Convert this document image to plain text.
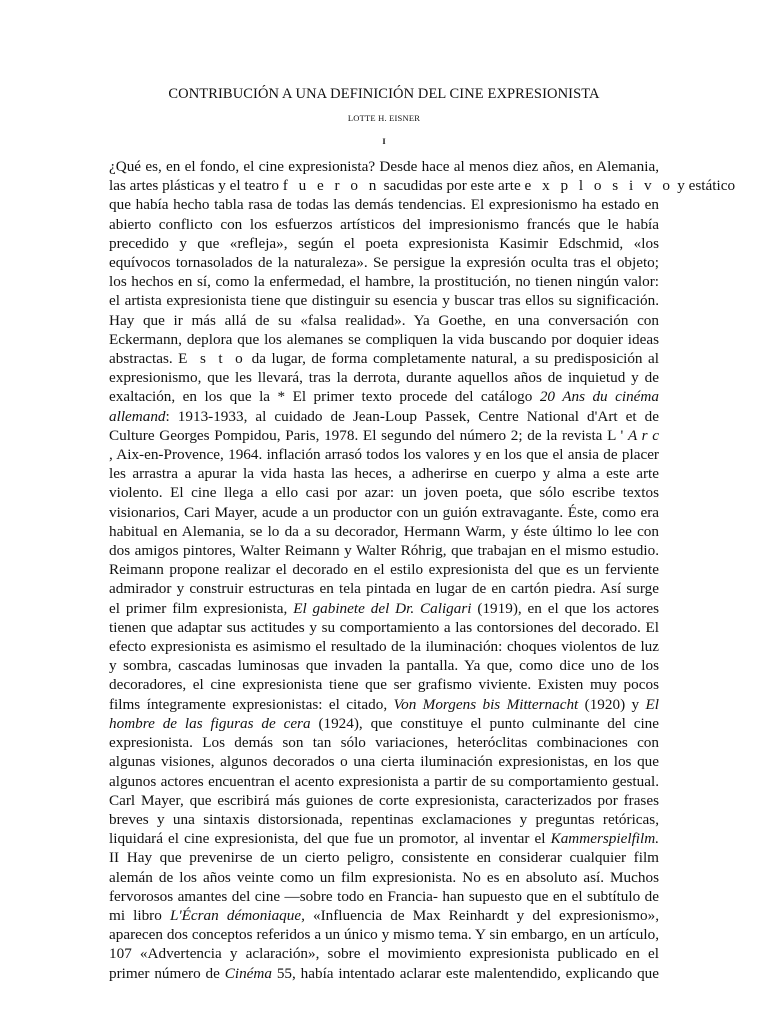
CONTRIBUCIÓN A UNA DEFINICIÓN DEL CINE EXPRESIONISTA

LOTTE H. EISNER

I

¿Qué es, en el fondo, el cine expresionista? Desde hace al menos diez años, en Alemania,
las artes plásticas y el teatro f u e r o n sacudidas por este arte e x p l o s i v o y estático
que había hecho tabla rasa de todas las demás tendencias. El expresionismo ha estado en
abierto conflicto con los esfuerzos artísticos del impresionismo francés que le había
precedido y que «refleja», según el poeta expresionista Kasimir Edschmid, «los
equívocos tornasolados de la naturaleza». Se persigue la expresión oculta tras el objeto;
los hechos en sí, como la enfermedad, el hambre, la prostitución, no tienen ningún valor:
el artista expresionista tiene que distinguir su esencia y buscar tras ellos su significación.
Hay que ir más allá de su «falsa realidad». Ya Goethe, en una conversación con
Eckermann, deplora que los alemanes se compliquen la vida buscando por doquier ideas
abstractas. E s t o da lugar, de forma completamente natural, a su predisposición al
expresionismo, que les llevará, tras la derrota, durante aquellos años de inquietud y de
exaltación, en los que la * El primer texto procede del catálogo 20 Ans du cinéma
allemand: 1913-1933, al cuidado de Jean-Loup Passek, Centre National d'Art et de
Culture Georges Pompidou, Paris, 1978. El segundo del número 2; de la revista L ' A r c
, Aix-en-Provence, 1964. inflación arrasó todos los valores y en los que el ansia de placer
les arrastra a apurar la vida hasta las heces, a adherirse en cuerpo y alma a este arte
violento. El cine llega a ello casi por azar: un joven poeta, que sólo escribe textos
visionarios, Cari Mayer, acude a un productor con un guión extravagante. Éste, como era
habitual en Alemania, se lo da a su decorador, Hermann Warm, y éste último lo lee con
dos amigos pintores, Walter Reimann y Walter Róhrig, que trabajan en el mismo estudio.
Reimann propone realizar el decorado en el estilo expresionista del que es un ferviente
admirador y construir estructuras en tela pintada en lugar de en cartón piedra. Así surge
el primer film expresionista, El gabinete del Dr. Caligari (1919), en el que los actores
tienen que adaptar sus actitudes y su comportamiento a las contorsiones del decorado. El
efecto expresionista es asimismo el resultado de la iluminación: choques violentos de luz
y sombra, cascadas luminosas que invaden la pantalla. Ya que, como dice uno de los
decoradores, el cine expresionista tiene que ser grafismo viviente. Existen muy pocos
films íntegramente expresionistas: el citado, Von Morgens bis Mitternacht (1920) y El
hombre de las figuras de cera (1924), que constituye el punto culminante del cine
expresionista. Los demás son tan sólo variaciones, heteróclitas combinaciones con
algunas visiones, algunos decorados o una cierta iluminación expresionistas, en los que
algunos actores encuentran el acento expresionista a partir de su comportamiento gestual.
Carl Mayer, que escribirá más guiones de corte expresionista, caracterizados por frases
breves y una sintaxis distorsionada, repentinas exclamaciones y preguntas retóricas,
liquidará el cine expresionista, del que fue un promotor, al inventar el Kammerspielfilm.
II Hay que prevenirse de un cierto peligro, consistente en considerar cualquier film
alemán de los años veinte como un film expresionista. No es en absoluto así. Muchos
fervorosos amantes del cine —sobre todo en Francia- han supuesto que en el subtítulo de
mi libro L'Écran démoniaque, «Influencia de Max Reinhardt y del expresionismo»,
aparecen dos conceptos referidos a un único y mismo tema. Y sin embargo, en un artículo,
107 «Advertencia y aclaración», sobre el movimiento expresionista publicado en el
primer número de Cinéma 55, había intentado aclarar este malentendido, explicando que
